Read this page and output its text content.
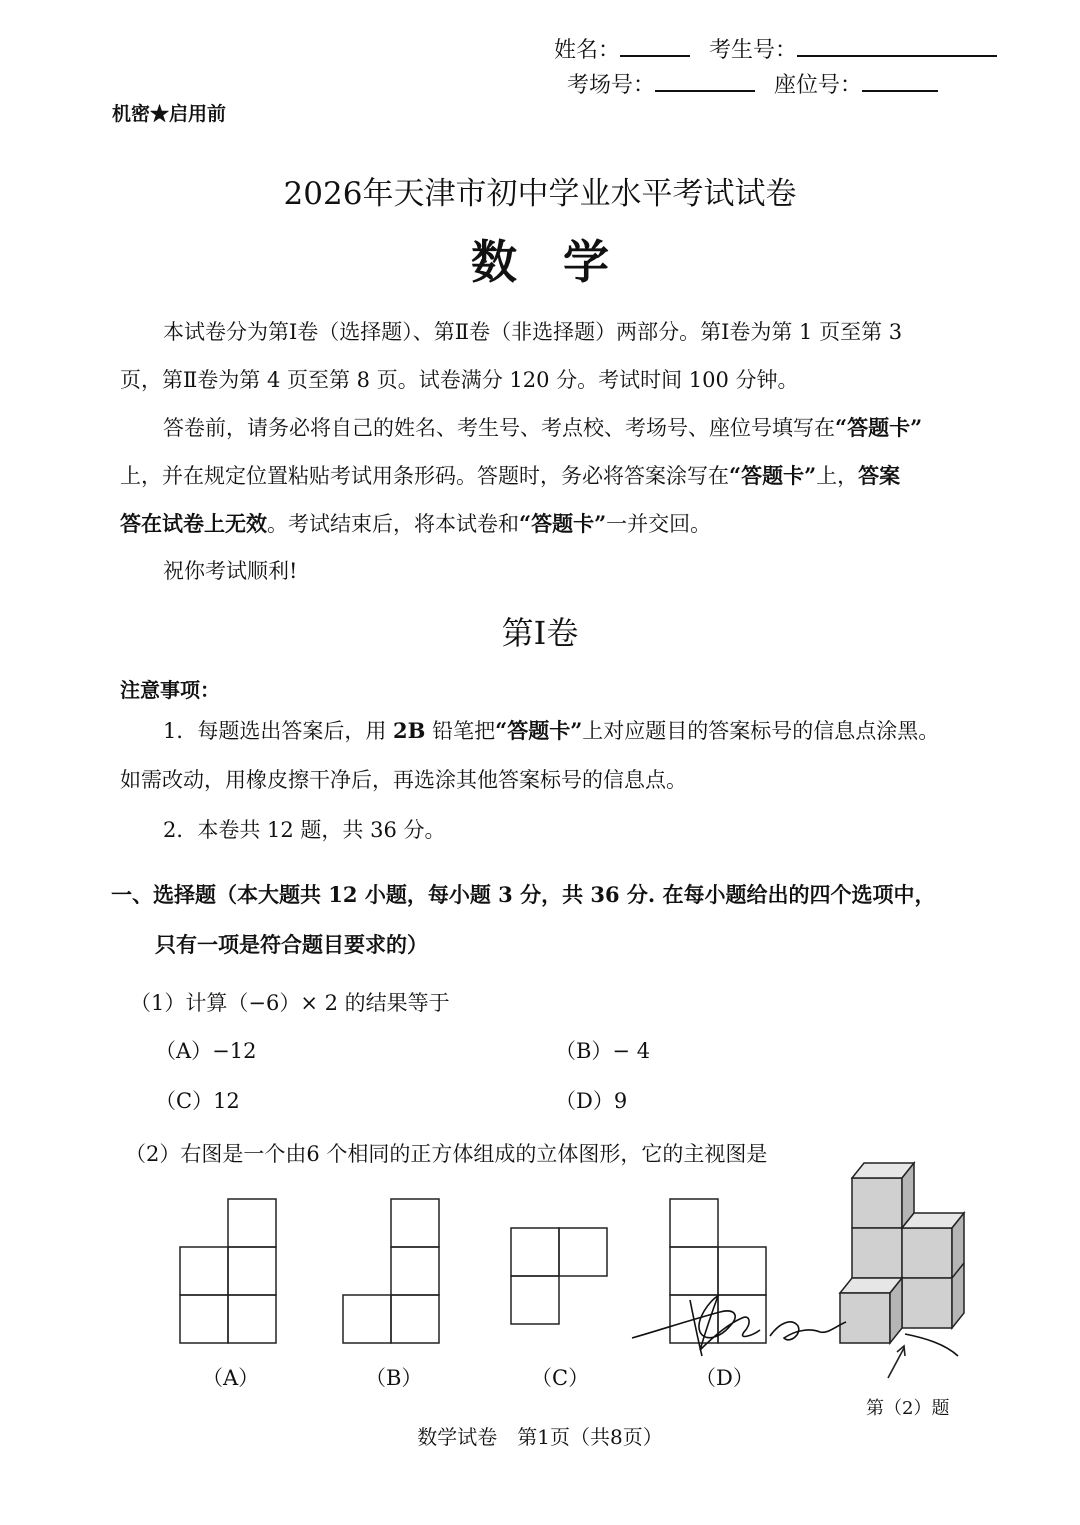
姓名：	考生号：
考场号：	座位号：
机密★启用前
2026年天津市初中学业水平考试试卷
数　学
本试卷分为第Ⅰ卷（选择题）、第Ⅱ卷（非选择题）两部分。第Ⅰ卷为第 1 页至第 3
页，第Ⅱ卷为第 4 页至第 8 页。试卷满分 120 分。考试时间 100 分钟。
答卷前，请务必将自己的姓名、考生号、考点校、考场号、座位号填写在“答题卡”
上，并在规定位置粘贴考试用条形码。答题时，务必将答案涂写在“答题卡”上，答案
答在试卷上无效。考试结束后，将本试卷和“答题卡”一并交回。
祝你考试顺利!
第Ⅰ卷
注意事项：
1．每题选出答案后，用 2B 铅笔把“答题卡”上对应题目的答案标号的信息点涂黑。
如需改动，用橡皮擦干净后，再选涂其他答案标号的信息点。
2．本卷共 12 题，共 36 分。
一、选择题（本大题共 12 小题，每小题 3 分，共 36 分. 在每小题给出的四个选项中，
只有一项是符合题目要求的）
（1）计算（−6）× 2 的结果等于
（A）−12	（B）− 4
（C）12	（D）9
（2）右图是一个由6 个相同的正方体组成的立体图形，它的主视图是
（A）	（B）	（C）	（D）
第（2）题
数学试卷　第1页（共8页）
